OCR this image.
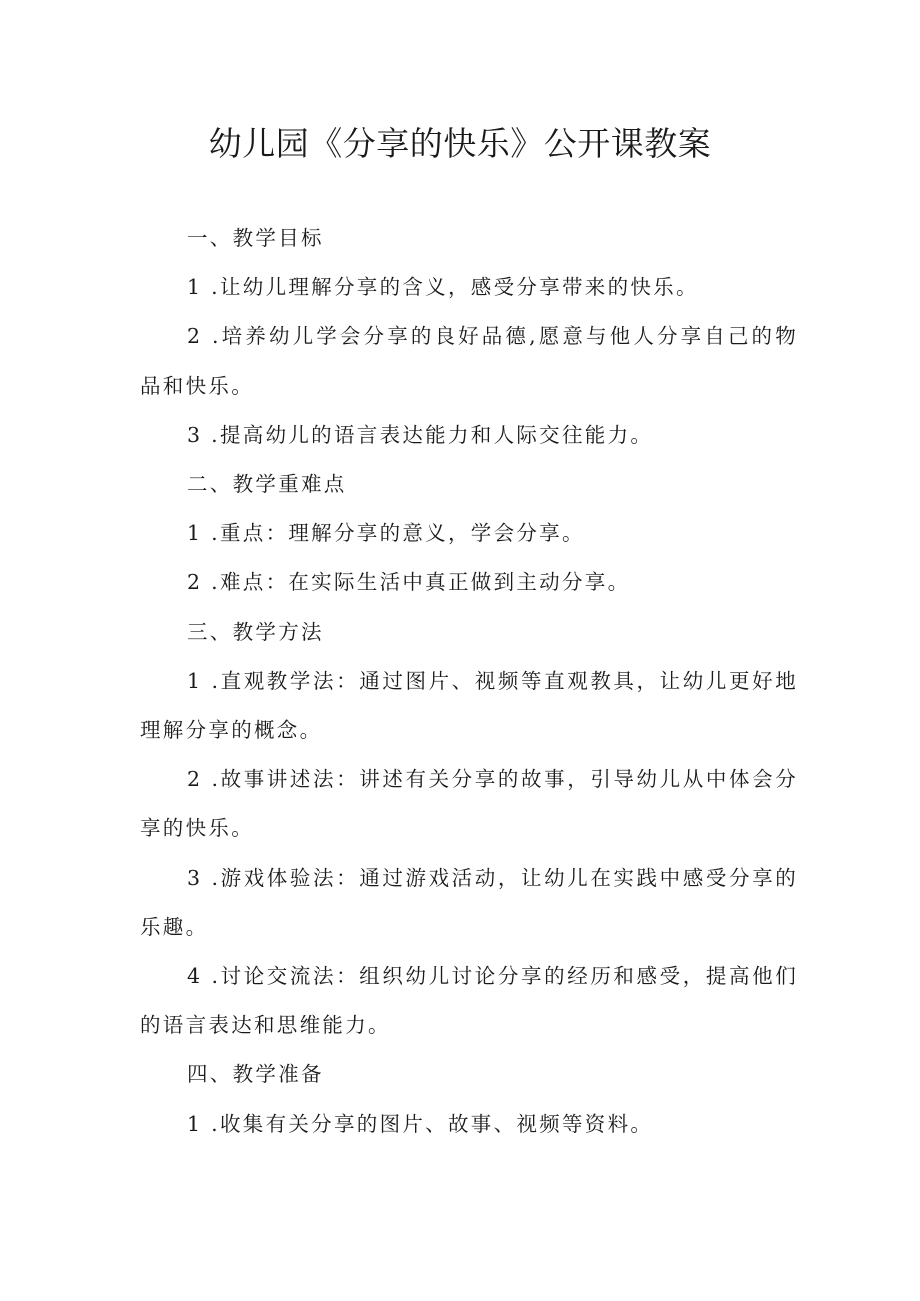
幼儿园《分享的快乐》公开课教案

一、教学目标

1 .让幼儿理解分享的含义，感受分享带来的快乐。

2 .培养幼儿学会分享的良好品德,愿意与他人分享自己的物品和快乐。

3 .提高幼儿的语言表达能力和人际交往能力。

二、教学重难点

1 .重点：理解分享的意义，学会分享。

2 .难点：在实际生活中真正做到主动分享。

三、教学方法

1 .直观教学法：通过图片、视频等直观教具，让幼儿更好地理解分享的概念。

2 .故事讲述法：讲述有关分享的故事，引导幼儿从中体会分享的快乐。

3 .游戏体验法：通过游戏活动，让幼儿在实践中感受分享的乐趣。

4 .讨论交流法：组织幼儿讨论分享的经历和感受，提高他们的语言表达和思维能力。

四、教学准备

1 .收集有关分享的图片、故事、视频等资料。
